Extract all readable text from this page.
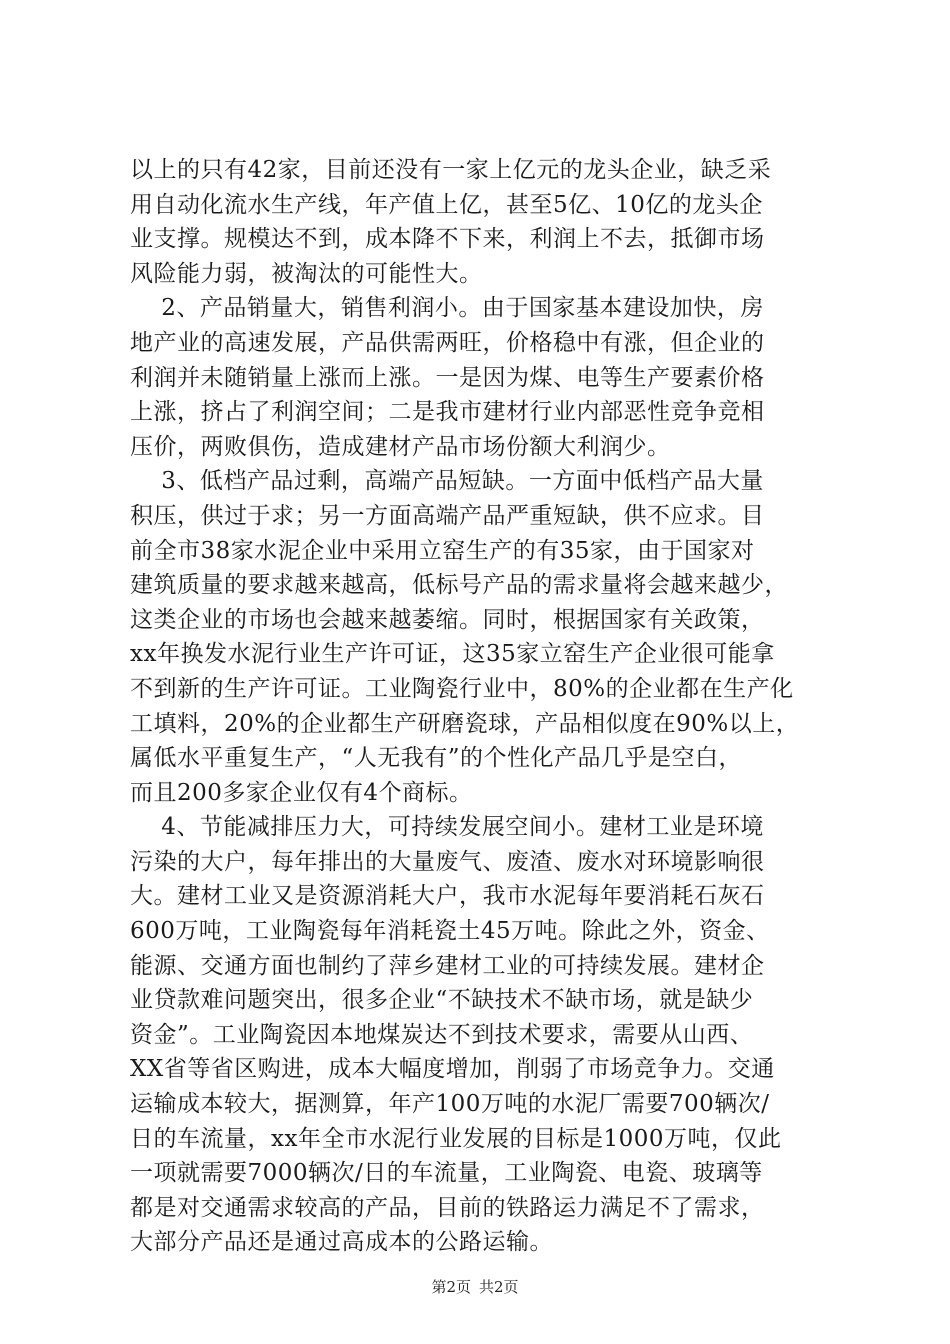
以上的只有42家，目前还没有一家上亿元的龙头企业，缺乏采
用自动化流水生产线，年产值上亿，甚至5亿、10亿的龙头企
业支撑。规模达不到，成本降不下来，利润上不去，抵御市场
风险能力弱，被淘汰的可能性大。
2、产品销量大，销售利润小。由于国家基本建设加快，房
地产业的高速发展，产品供需两旺，价格稳中有涨，但企业的
利润并未随销量上涨而上涨。一是因为煤、电等生产要素价格
上涨，挤占了利润空间；二是我市建材行业内部恶性竞争竞相
压价，两败俱伤，造成建材产品市场份额大利润少。
3、低档产品过剩，高端产品短缺。一方面中低档产品大量
积压，供过于求；另一方面高端产品严重短缺，供不应求。目
前全市38家水泥企业中采用立窑生产的有35家，由于国家对
建筑质量的要求越来越高，低标号产品的需求量将会越来越少，
这类企业的市场也会越来越萎缩。同时，根据国家有关政策，
xx年换发水泥行业生产许可证，这35家立窑生产企业很可能拿
不到新的生产许可证。工业陶瓷行业中，80%的企业都在生产化
工填料，20%的企业都生产研磨瓷球，产品相似度在90%以上，
属低水平重复生产，“人无我有”的个性化产品几乎是空白，
而且200多家企业仅有4个商标。
4、节能减排压力大，可持续发展空间小。建材工业是环境
污染的大户，每年排出的大量废气、废渣、废水对环境影响很
大。建材工业又是资源消耗大户，我市水泥每年要消耗石灰石
600万吨，工业陶瓷每年消耗瓷土45万吨。除此之外，资金、
能源、交通方面也制约了萍乡建材工业的可持续发展。建材企
业贷款难问题突出，很多企业“不缺技术不缺市场，就是缺少
资金”。工业陶瓷因本地煤炭达不到技术要求，需要从山西、
XX省等省区购进，成本大幅度增加，削弱了市场竞争力。交通
运输成本较大，据测算，年产100万吨的水泥厂需要700辆次/
日的车流量，xx年全市水泥行业发展的目标是1000万吨，仅此
一项就需要7000辆次/日的车流量，工业陶瓷、电瓷、玻璃等
都是对交通需求较高的产品，目前的铁路运力满足不了需求，
大部分产品还是通过高成本的公路运输。
第2页 共2页
